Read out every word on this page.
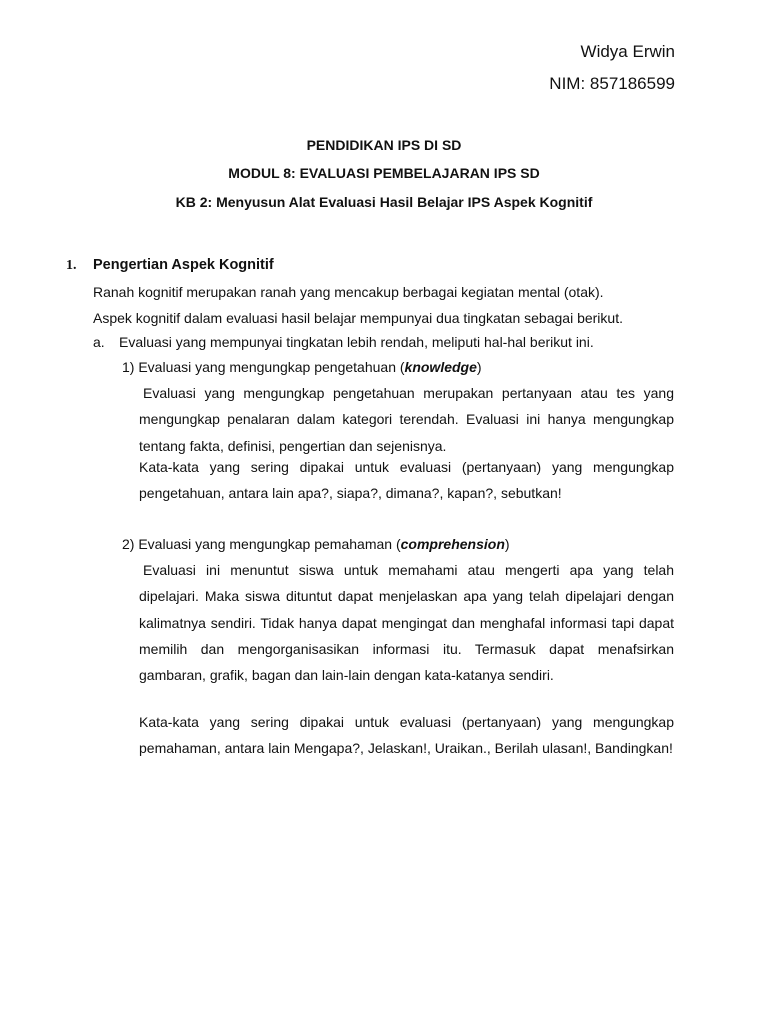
Widya Erwin
NIM: 857186599
PENDIDIKAN IPS DI SD
MODUL 8: EVALUASI PEMBELAJARAN IPS SD
KB 2: Menyusun Alat Evaluasi Hasil Belajar IPS Aspek Kognitif
1. Pengertian Aspek Kognitif
Ranah kognitif merupakan ranah yang mencakup berbagai kegiatan mental (otak).
Aspek kognitif dalam evaluasi hasil belajar mempunyai dua tingkatan sebagai berikut.
a. Evaluasi yang mempunyai tingkatan lebih rendah, meliputi hal-hal berikut ini.
1) Evaluasi yang mengungkap pengetahuan (knowledge)

Evaluasi yang mengungkap pengetahuan merupakan pertanyaan atau tes yang mengungkap penalaran dalam kategori terendah. Evaluasi ini hanya mengungkap tentang fakta, definisi, pengertian dan sejenisnya.

Kata-kata yang sering dipakai untuk evaluasi (pertanyaan) yang mengungkap pengetahuan, antara lain apa?, siapa?, dimana?, kapan?, sebutkan!

2) Evaluasi yang mengungkap pemahaman (comprehension)

Evaluasi ini menuntut siswa untuk memahami atau mengerti apa yang telah dipelajari. Maka siswa dituntut dapat menjelaskan apa yang telah dipelajari dengan kalimatnya sendiri. Tidak hanya dapat mengingat dan menghafal informasi tapi dapat memilih dan mengorganisasikan informasi itu. Termasuk dapat menafsirkan gambaran, grafik, bagan dan lain-lain dengan kata-katanya sendiri.

Kata-kata yang sering dipakai untuk evaluasi (pertanyaan) yang mengungkap pemahaman, antara lain Mengapa?, Jelaskan!, Uraikan., Berilah ulasan!, Bandingkan!
